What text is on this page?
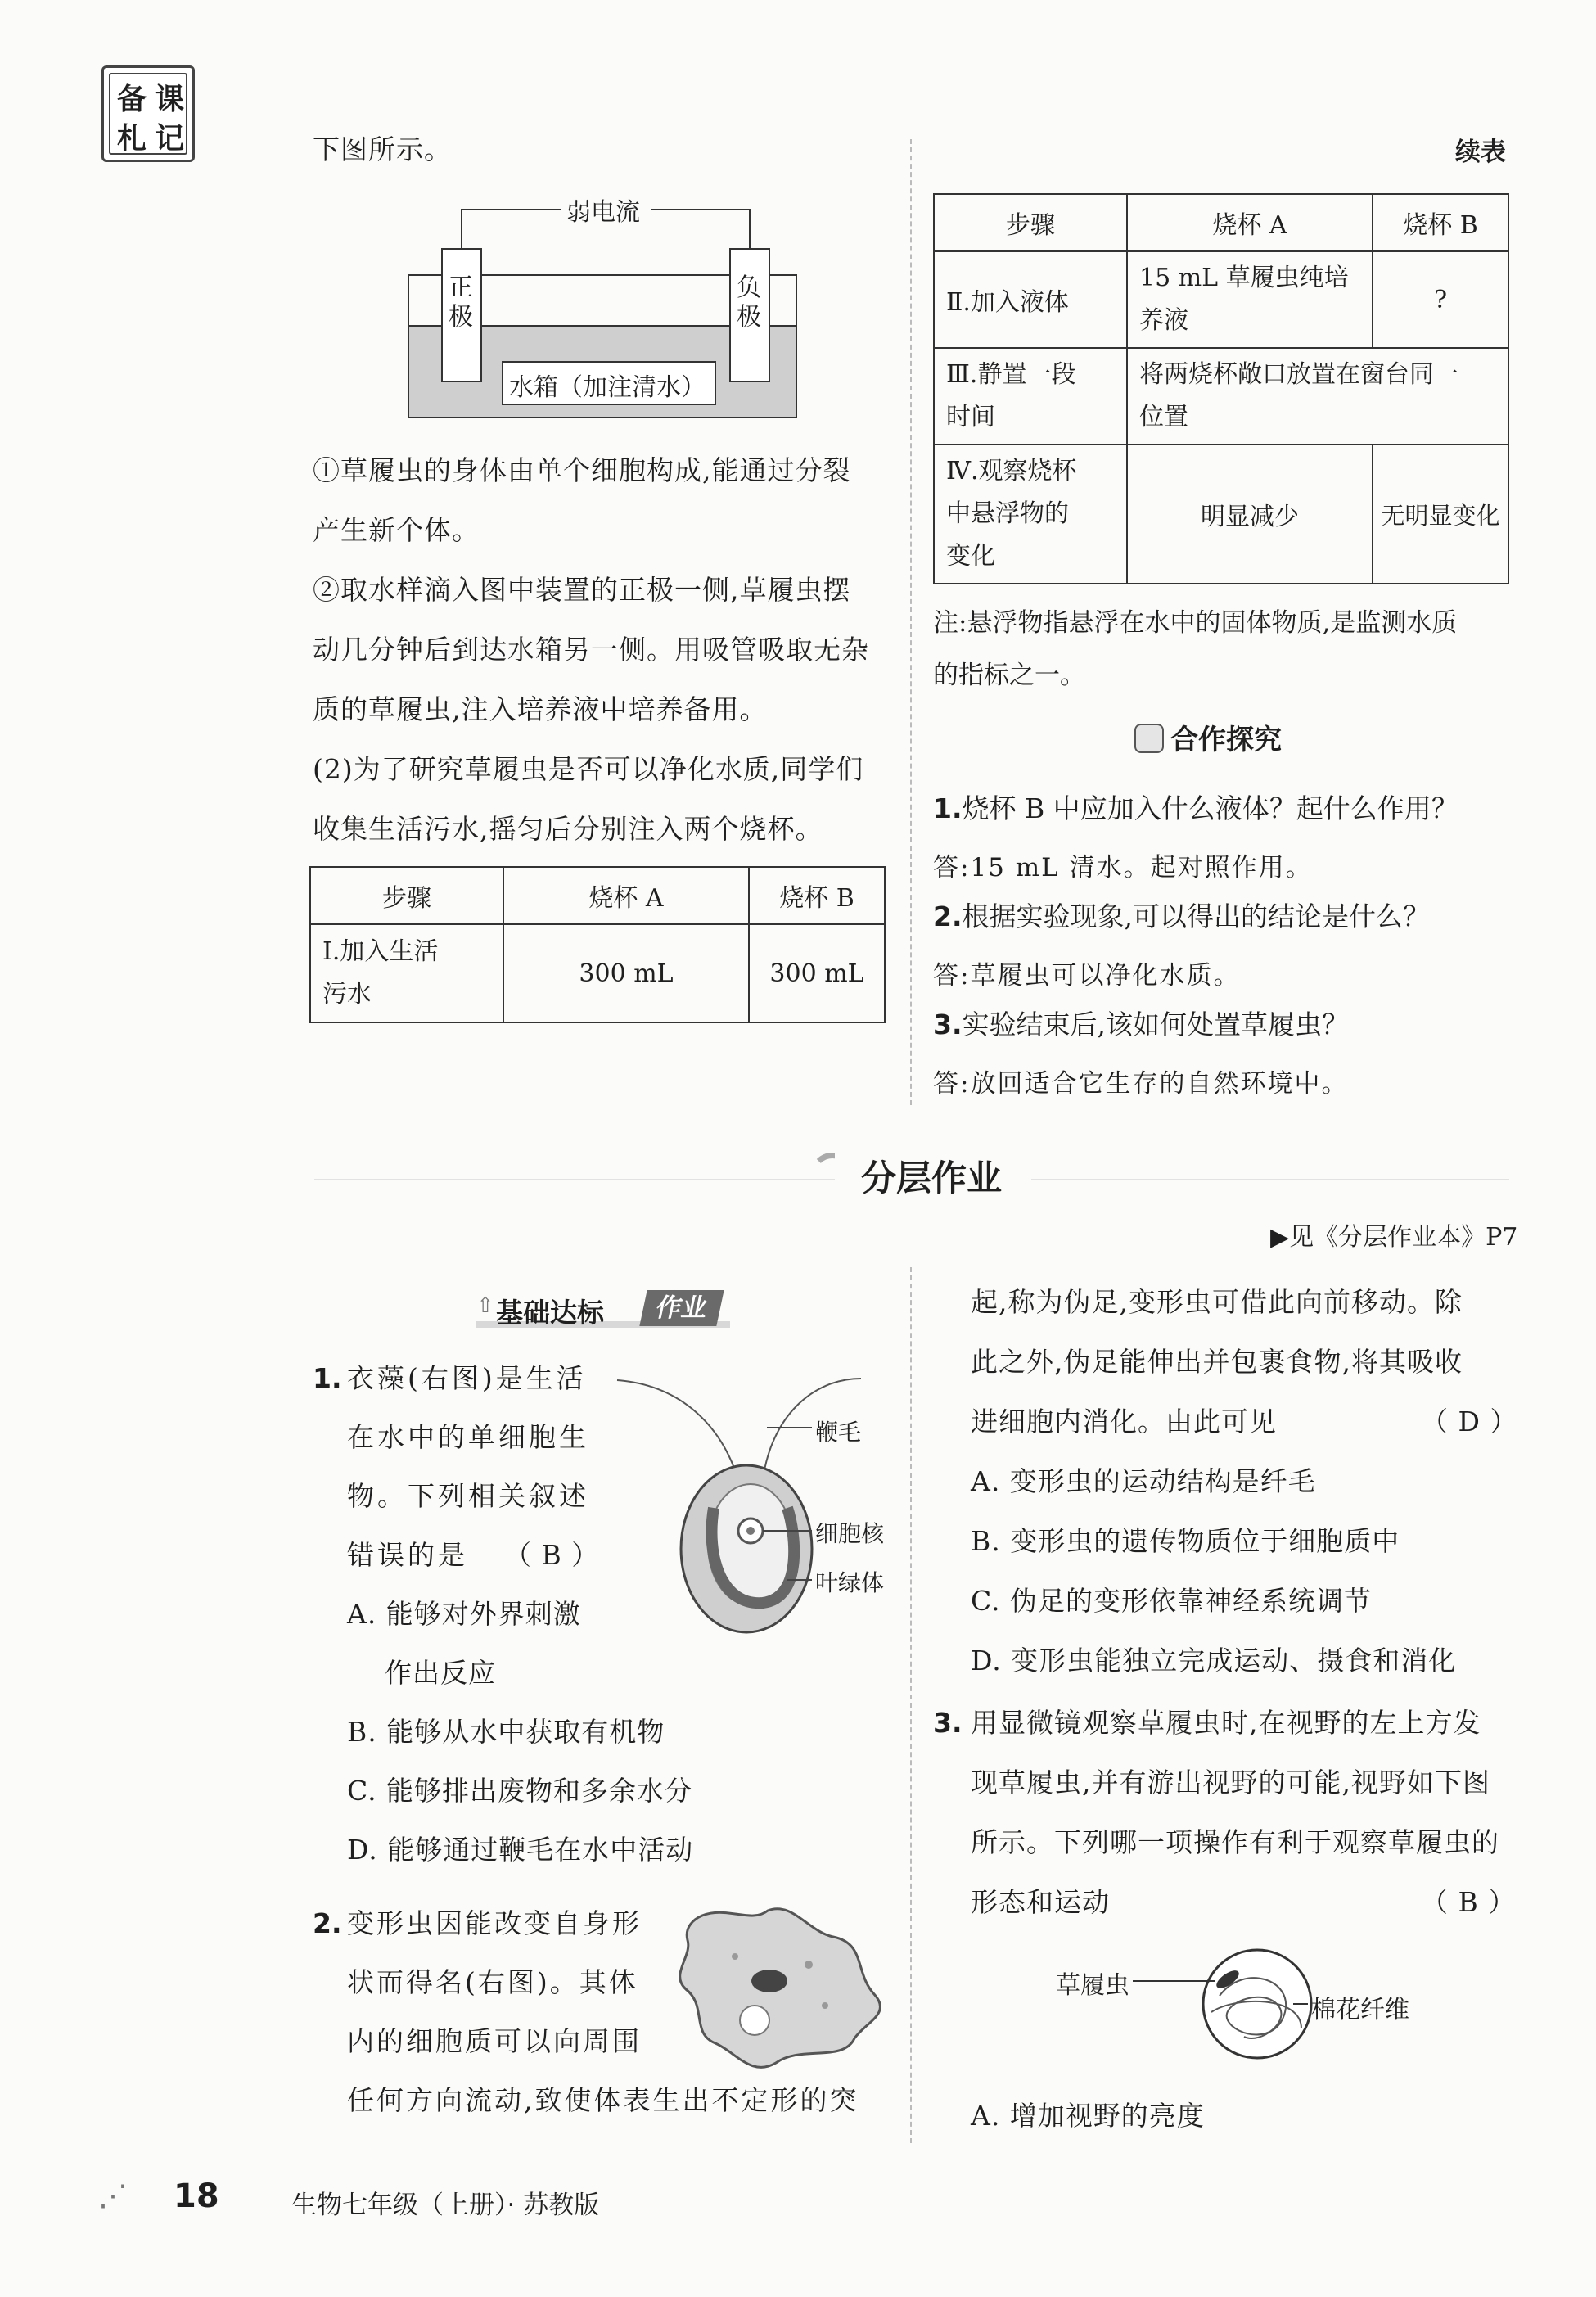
备 课
札 记	下图所示。
弱电流
正
极
负
极
水箱（加注清水）
①草履虫的身体由单个细胞构成,能通过分裂
产生新个体。
②取水样滴入图中装置的正极一侧,草履虫摆
动几分钟后到达水箱另一侧。用吸管吸取无杂
质的草履虫,注入培养液中培养备用。
(2)为了研究草履虫是否可以净化水质,同学们
收集生活污水,摇匀后分别注入两个烧杯。
步骤	烧杯 A	烧杯 B
Ⅰ.加入生活
污水	300 mL	300 mL
续表
步骤	烧杯 A	烧杯 B
Ⅱ.加入液体	15 mL 草履虫纯培
养液	?
Ⅲ.静置一段
时间	将两烧杯敞口放置在窗台同一
位置	
Ⅳ.观察烧杯
中悬浮物的
变化	明显减少	无明显变化
注:悬浮物指悬浮在水中的固体物质,是监测水质
的指标之一。
合作探究
1.烧杯 B 中应加入什么液体？起什么作用？
答:15 mL 清水。起对照作用。
2.根据实验现象,可以得出的结论是什么？
答:草履虫可以净化水质。
3.实验结束后,该如何处置草履虫？
答:放回适合它生存的自然环境中。
分层作业
▶见《分层作业本》P7
⇧ 基础达标	作业
1. 衣藻(右图)是生活
在水中的单细胞生
物。下列相关叙述
错误的是 （ B ）
A. 能够对外界刺激
作出反应
B. 能够从水中获取有机物
C. 能够排出废物和多余水分
D. 能够通过鞭毛在水中活动
鞭毛
细胞核
叶绿体
2. 变形虫因能改变自身形
状而得名(右图)。其体
内的细胞质可以向周围
任何方向流动,致使体表生出不定形的突
起,称为伪足,变形虫可借此向前移动。除
此之外,伪足能伸出并包裹食物,将其吸收
进细胞内消化。由此可见	（ D ）
A. 变形虫的运动结构是纤毛
B. 变形虫的遗传物质位于细胞质中
C. 伪足的变形依靠神经系统调节
D. 变形虫能独立完成运动、摄食和消化
3. 用显微镜观察草履虫时,在视野的左上方发
现草履虫,并有游出视野的可能,视野如下图
所示。下列哪一项操作有利于观察草履虫的
形态和运动	（ B ）
草履虫
棉花纤维
A. 增加视野的亮度
⋰ 18	生物七年级（上册）· 苏教版
